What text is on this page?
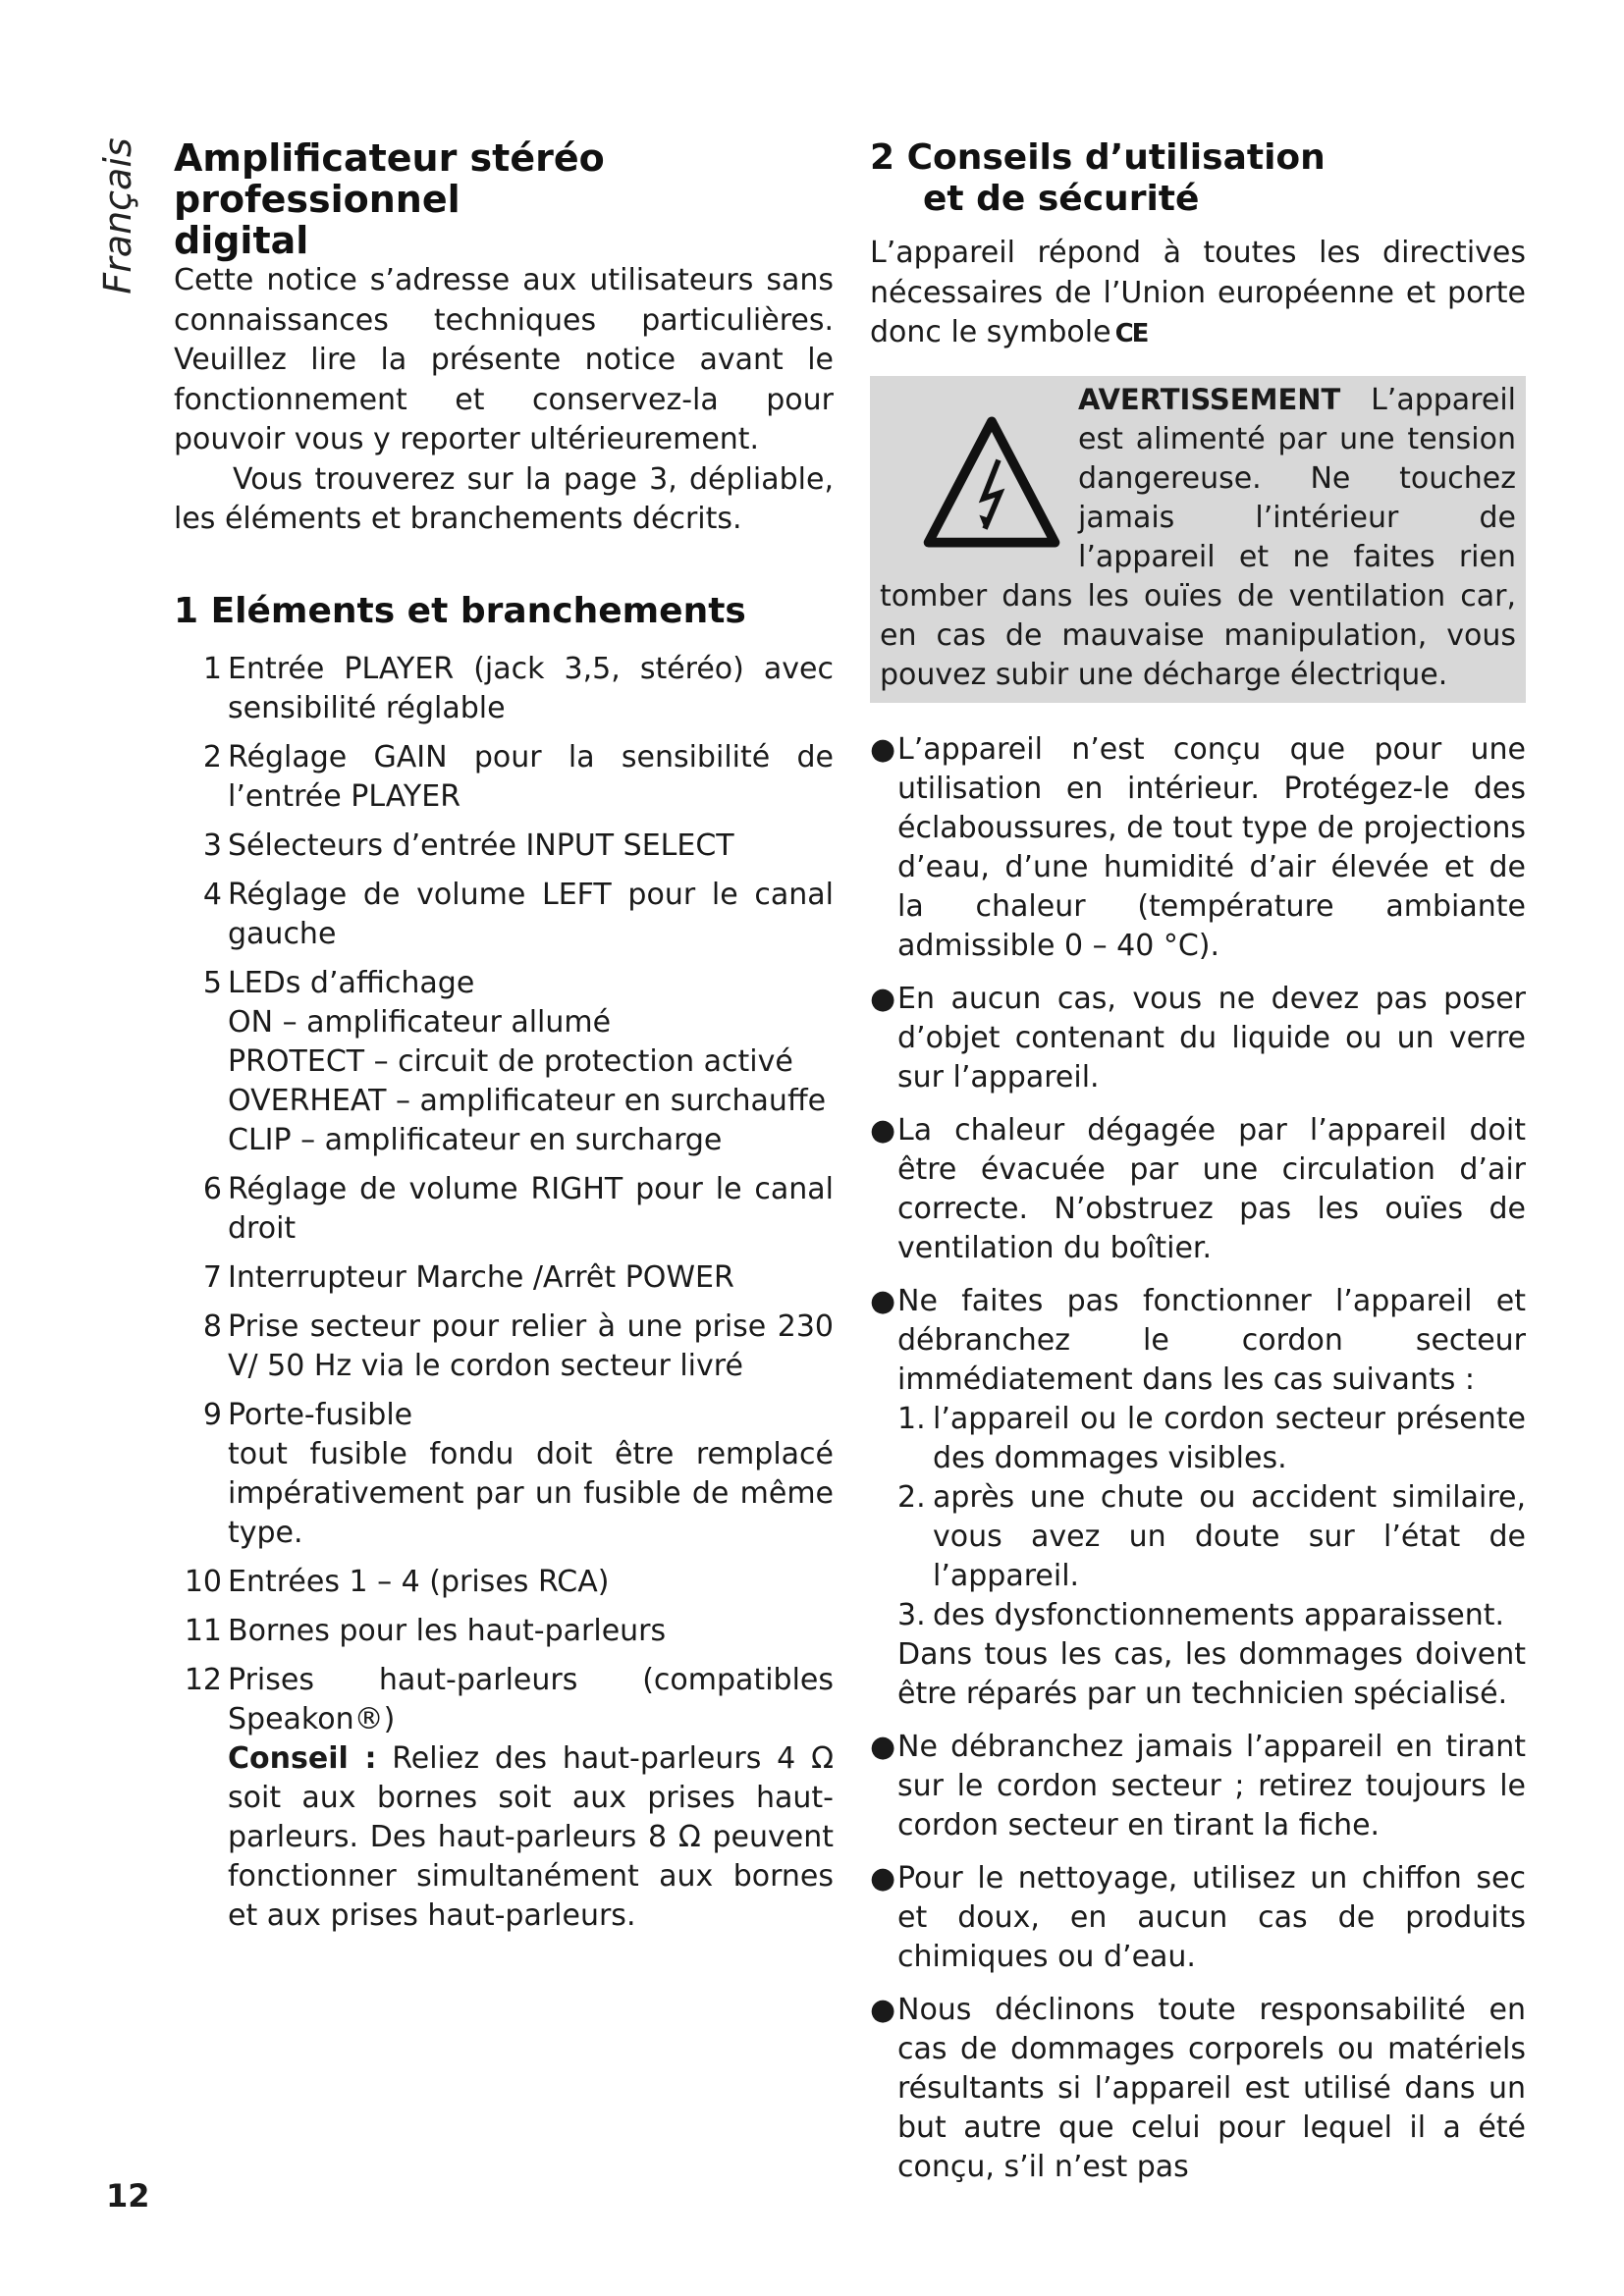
Français Amplificateur stéréo professionnel
digital

Cette notice s’adresse aux utilisateurs sans connaissances techniques particulières. Veuillez lire la présente notice avant le fonctionnement et conservez-la pour pouvoir vous y reporter ultérieurement.

Vous trouverez sur la page 3, dépliable, les éléments et branchements décrits.

1 Eléments et branchements
1 Entrée PLAYER (jack 3,5, stéréo) avec sensibilité réglable
2 Réglage GAIN pour la sensibilité de l’entrée PLAYER
3 Sélecteurs d’entrée INPUT SELECT
4 Réglage de volume LEFT pour le canal gauche
5 LEDs d’affichage
ON – amplificateur allumé
PROTECT – circuit de protection activé
OVERHEAT – amplificateur en surchauffe
CLIP – amplificateur en surcharge
6 Réglage de volume RIGHT pour le canal droit
7 Interrupteur Marche /Arrêt POWER
8 Prise secteur pour relier à une prise 230 V/ 50 Hz via le cordon secteur livré
9 Porte-fusible
tout fusible fondu doit être remplacé impérativement par un fusible de même type.
10 Entrées 1 – 4 (prises RCA)
11 Bornes pour les haut-parleurs
12 Prises haut-parleurs (compatibles Speakon®)
Conseil : Reliez des haut-parleurs 4 Ω soit aux bornes soit aux prises haut-parleurs. Des haut-parleurs 8 Ω peuvent fonctionner simultanément aux bornes et aux prises haut-parleurs.
2 Conseils d’utilisation
et de sécurité

L’appareil répond à toutes les directives nécessaires de l’Union européenne et porte donc le symbole CE

AVERTISSEMENT
L’appareil est alimenté par une tension dangereuse. Ne touchez jamais l’intérieur de l’appareil et ne faites rien tomber dans les ouïes de ventilation car, en cas de mauvaise manipulation, vous pouvez subir une décharge électrique.

● L’appareil n’est conçu que pour une utilisation en intérieur. Protégez-le des éclaboussures, de tout type de projections d’eau, d’une humidité d’air élevée et de la chaleur (température ambiante admissible 0 – 40 °C).
● En aucun cas, vous ne devez pas poser d’objet contenant du liquide ou un verre sur l’appareil.
● La chaleur dégagée par l’appareil doit être évacuée par une circulation d’air correcte. N’obstruez pas les ouïes de ventilation du boîtier.
● Ne faites pas fonctionner l’appareil et débranchez le cordon secteur immédiatement dans les cas suivants :
1. l’appareil ou le cordon secteur présente des dommages visibles.
2. après une chute ou accident similaire, vous avez un doute sur l’état de l’appareil.
3. des dysfonctionnements apparaissent.
Dans tous les cas, les dommages doivent être réparés par un technicien spécialisé.
● Ne débranchez jamais l’appareil en tirant sur le cordon secteur ; retirez toujours le cordon secteur en tirant la fiche.
● Pour le nettoyage, utilisez un chiffon sec et doux, en aucun cas de produits chimiques ou d’eau.
● Nous déclinons toute responsabilité en cas de dommages corporels ou matériels résultants si l’appareil est utilisé dans un but autre que celui pour lequel il a été conçu, s’il n’est pas
12
